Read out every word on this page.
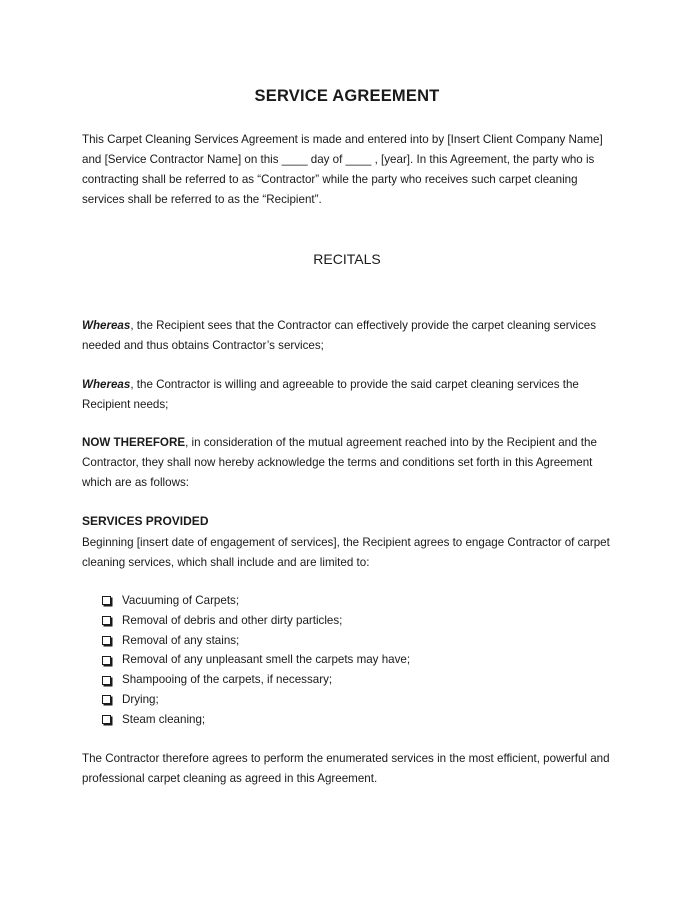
SERVICE AGREEMENT

This Carpet Cleaning Services Agreement is made and entered into by [Insert Client Company Name] and [Service Contractor Name] on this ____ day of ____ , [year]. In this Agreement, the party who is contracting shall be referred to as “Contractor” while the party who receives such carpet cleaning services shall be referred to as the “Recipient”.

RECITALS

Whereas, the Recipient sees that the Contractor can effectively provide the carpet cleaning services needed and thus obtains Contractor’s services;

Whereas, the Contractor is willing and agreeable to provide the said carpet cleaning services the Recipient needs;

NOW THEREFORE, in consideration of the mutual agreement reached into by the Recipient and the Contractor, they shall now hereby acknowledge the terms and conditions set forth in this Agreement which are as follows:

SERVICES PROVIDED

Beginning [insert date of engagement of services], the Recipient agrees to engage Contractor of carpet cleaning services, which shall include and are limited to:

Vacuuming of Carpets;
Removal of debris and other dirty particles;
Removal of any stains;
Removal of any unpleasant smell the carpets may have;
Shampooing of the carpets, if necessary;
Drying;
Steam cleaning;

The Contractor therefore agrees to perform the enumerated services in the most efficient, powerful and professional carpet cleaning as agreed in this Agreement.
